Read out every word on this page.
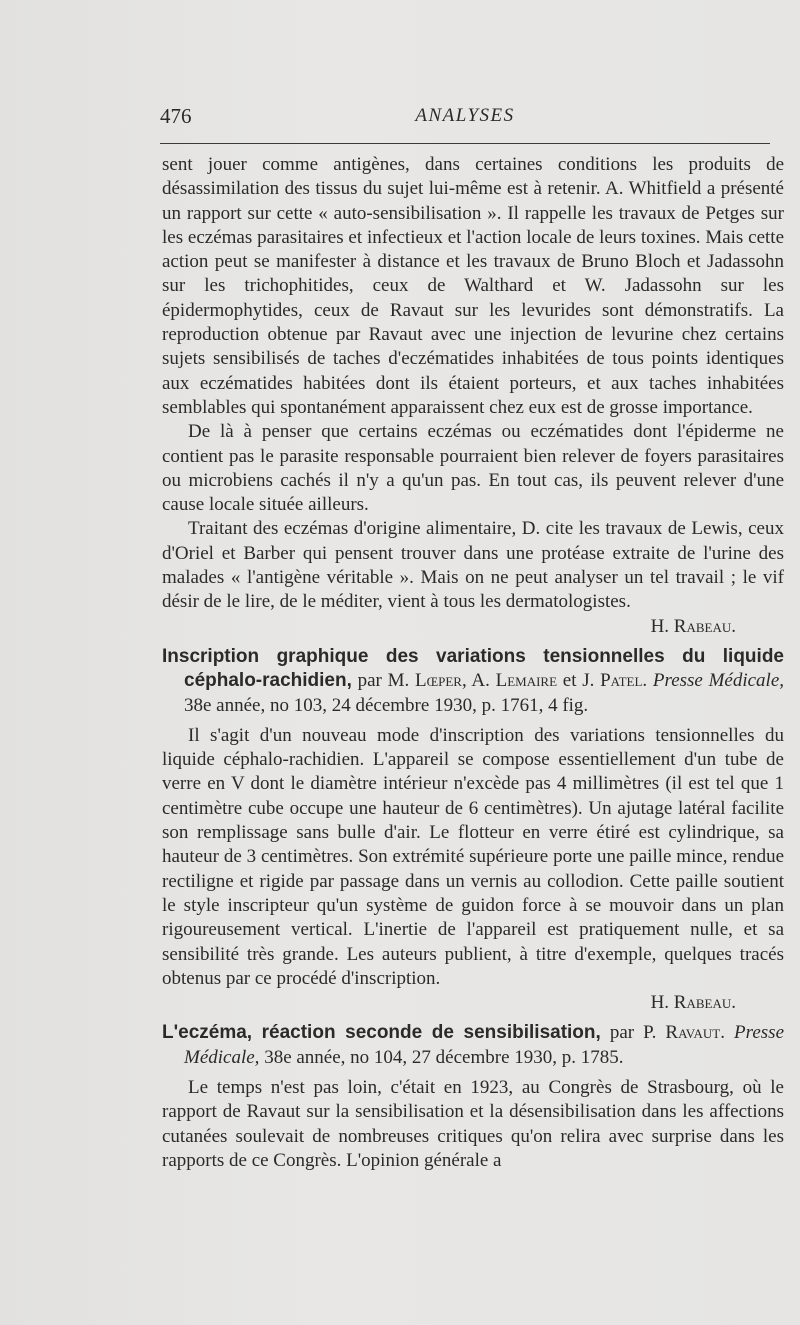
476	ANALYSES

sent jouer comme antigènes, dans certaines conditions les produits de désassimilation des tissus du sujet lui-même est à retenir. A. Whitfield a présenté un rapport sur cette « auto-sensibilisation ». Il rappelle les travaux de Petges sur les eczémas parasitaires et infectieux et l'action locale de leurs toxines. Mais cette action peut se manifester à distance et les travaux de Bruno Bloch et Jadassohn sur les trichophitides, ceux de Walthard et W. Jadassohn sur les épidermophytides, ceux de Ravaut sur les levurides sont démonstratifs. La reproduction obtenue par Ravaut avec une injection de levurine chez certains sujets sensibilisés de taches d'eczématides inhabitées de tous points identiques aux eczématides habitées dont ils étaient porteurs, et aux taches inhabitées semblables qui spontanément apparaissent chez eux est de grosse importance.

De là à penser que certains eczémas ou eczématides dont l'épiderme ne contient pas le parasite responsable pourraient bien relever de foyers parasitaires ou microbiens cachés il n'y a qu'un pas. En tout cas, ils peuvent relever d'une cause locale située ailleurs.

Traitant des eczémas d'origine alimentaire, D. cite les travaux de Lewis, ceux d'Oriel et Barber qui pensent trouver dans une protéase extraite de l'urine des malades « l'antigène véritable ». Mais on ne peut analyser un tel travail ; le vif désir de le lire, de le méditer, vient à tous les dermatologistes.

H. Rabeau.

Inscription graphique des variations tensionnelles du liquide céphalo-rachidien, par M. Lœper, A. Lemaire et J. Patel. Presse Médicale, 38e année, no 103, 24 décembre 1930, p. 1761, 4 fig.

Il s'agit d'un nouveau mode d'inscription des variations tensionnelles du liquide céphalo-rachidien. L'appareil se compose essentiellement d'un tube de verre en V dont le diamètre intérieur n'excède pas 4 millimètres (il est tel que 1 centimètre cube occupe une hauteur de 6 centimètres). Un ajutage latéral facilite son remplissage sans bulle d'air. Le flotteur en verre étiré est cylindrique, sa hauteur de 3 centimètres. Son extrémité supérieure porte une paille mince, rendue rectiligne et rigide par passage dans un vernis au collodion. Cette paille soutient le style inscripteur qu'un système de guidon force à se mouvoir dans un plan rigoureusement vertical. L'inertie de l'appareil est pratiquement nulle, et sa sensibilité très grande. Les auteurs publient, à titre d'exemple, quelques tracés obtenus par ce procédé d'inscription.

H. Rabeau.

L'eczéma, réaction seconde de sensibilisation, par P. Ravaut. Presse Médicale, 38e année, no 104, 27 décembre 1930, p. 1785.

Le temps n'est pas loin, c'était en 1923, au Congrès de Strasbourg, où le rapport de Ravaut sur la sensibilisation et la désensibilisation dans les affections cutanées soulevait de nombreuses critiques qu'on relira avec surprise dans les rapports de ce Congrès. L'opinion générale a
